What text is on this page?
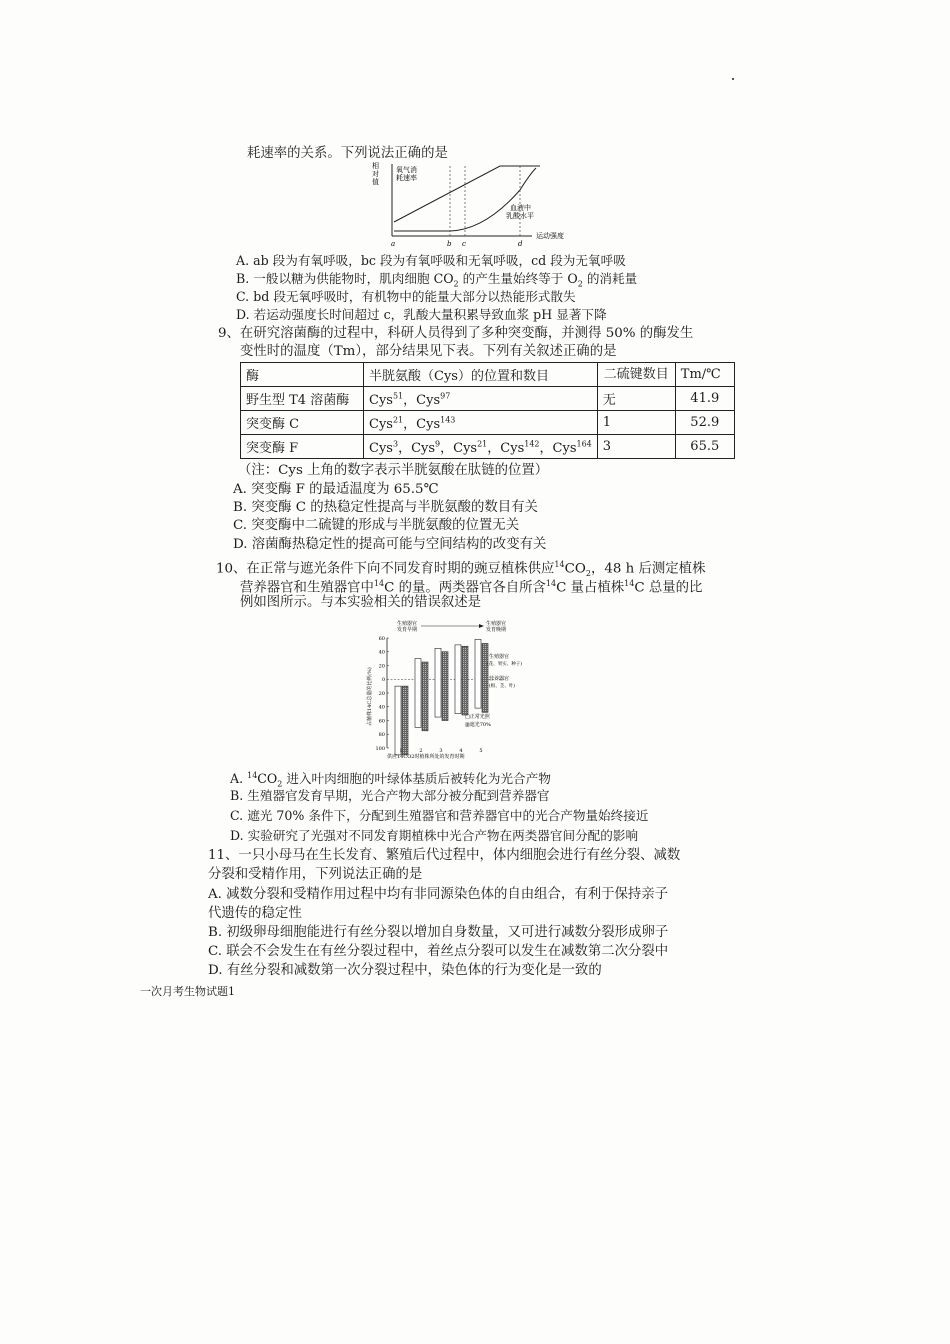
耗速率的关系。下列说法正确的是
相
对
值
运动强度
氧气消
耗速率
血液中
乳酸水平
a	b c	d
A. ab 段为有氧呼吸，bc 段为有氧呼吸和无氧呼吸，cd 段为无氧呼吸
B. 一般以糖为供能物时，肌肉细胞 $CO_2$ 的产生量始终等于 $O_2$ 的消耗量
C. bd 段无氧呼吸时，有机物中的能量大部分以热能形式散失
D. 若运动强度长时间超过 c，乳酸大量积累导致血浆 pH 显著下降
9、在研究溶菌酶的过程中，科研人员得到了多种突变酶，并测得 50% 的酶发生
变性时的温度（Tm），部分结果见下表。下列有关叙述正确的是
酶	半胱氨酸（Cys）的位置和数目	二硫键数目	Tm/℃
野生型 T4 溶菌酶	Cys$^{51}$，Cys$^{97}$	无	41.9
突变酶 C	Cys$^{21}$，Cys$^{143}$	1	52.9
突变酶 F	Cys$^3$，Cys$^9$，Cys$^{21}$，Cys$^{142}$，Cys$^{164}$	3	65.5
（注：Cys 上角的数字表示半胱氨酸在肽链的位置）
A. 突变酶 F 的最适温度为 65.5℃
B. 突变酶 C 的热稳定性提高与半胱氨酸的数目有关
C. 突变酶中二硫键的形成与半胱氨酸的位置无关
D. 溶菌酶热稳定性的提高可能与空间结构的改变有关
10、在正常与遮光条件下向不同发育时期的豌豆植株供应$^{14}CO_2$，48 h 后测定植株
营养器官和生殖器官中$^{14}$C 的量。两类器官各自所含$^{14}$C 量占植株$^{14}$C 总量的比
例如图所示。与本实验相关的错误叙述是
生殖器官
发育早期
生殖器官
发育晚期
占植株14C总量的比例(%)
60
40
20
0
20
40
60
80
100	1	2	3	4	5
生殖器官
(花、果实、种子)
营养器官
(根、茎、叶)
□正常光照
▥遮光70%
供应14CO2时植株所处的发育时期
A. $^{14}CO_2$ 进入叶肉细胞的叶绿体基质后被转化为光合产物
B. 生殖器官发育早期，光合产物大部分被分配到营养器官
C. 遮光 70% 条件下，分配到生殖器官和营养器官中的光合产物量始终接近
D. 实验研究了光强对不同发育期植株中光合产物在两类器官间分配的影响
11、一只小母马在生长发育、繁殖后代过程中，体内细胞会进行有丝分裂、减数
分裂和受精作用，下列说法正确的是
A. 减数分裂和受精作用过程中均有非同源染色体的自由组合，有利于保持亲子
代遗传的稳定性
B. 初级卵母细胞能进行有丝分裂以增加自身数量，又可进行减数分裂形成卵子
C. 联会不会发生在有丝分裂过程中，着丝点分裂可以发生在减数第二次分裂中
D. 有丝分裂和减数第一次分裂过程中，染色体的行为变化是一致的
一次月考生物试题1
